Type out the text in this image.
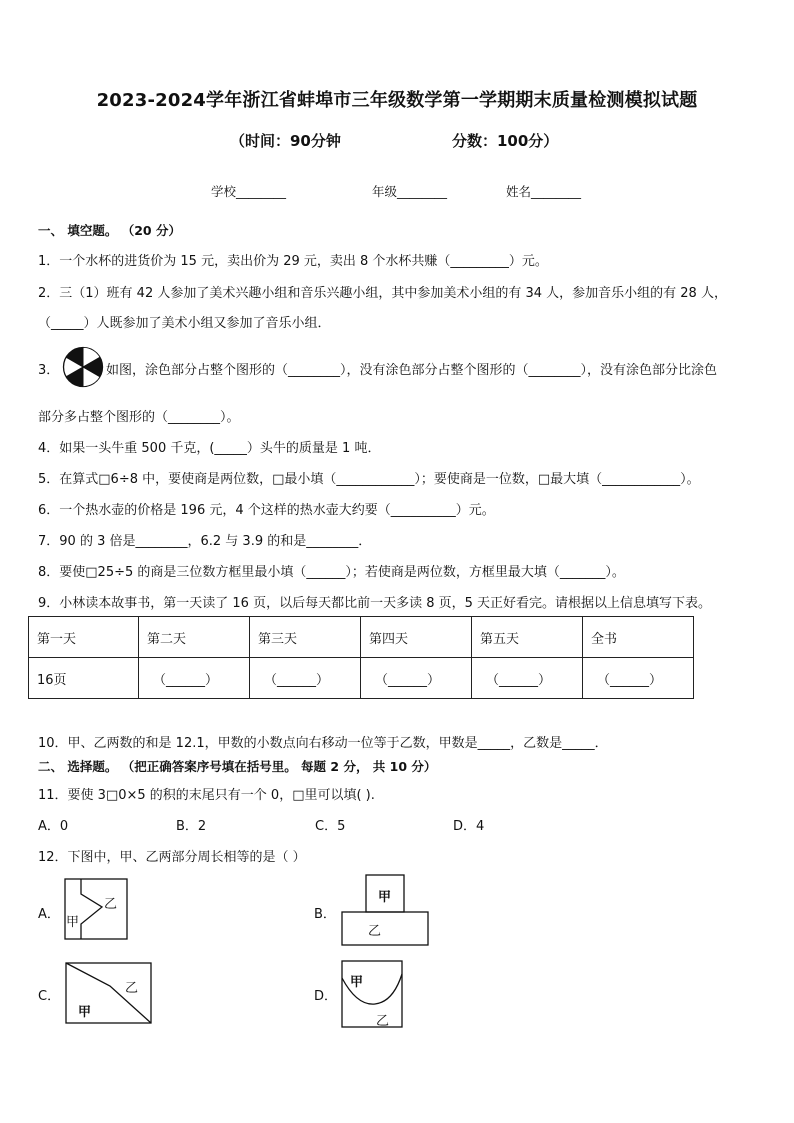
2023-2024学年浙江省蚌埠市三年级数学第一学期期末质量检测模拟试题
（时间：90分钟	分数：100分）
学校________	年级________	姓名________
一、 填空题。 （20 分）
1．一个水杯的进货价为 15 元，卖出价为 29 元，卖出 8 个水杯共赚（_________）元。
2．三（1）班有 42 人参加了美术兴趣小组和音乐兴趣小组，其中参加美术小组的有 34 人，参加音乐小组的有 28 人，
（_____）人既参加了美术小组又参加了音乐小组．
3．	如图，涂色部分占整个图形的（________），没有涂色部分占整个图形的（________），没有涂色部分比涂色
部分多占整个图形的（________）。
4．如果一头牛重 500 千克，(_____）头牛的质量是 1 吨．
5．在算式□6÷8 中，要使商是两位数，□最小填（____________）；要使商是一位数，□最大填（____________）。
6．一个热水壶的价格是 196 元，4 个这样的热水壶大约要（__________）元。
7．90 的 3 倍是________，6.2 与 3.9 的和是________．
8．要使□25÷5 的商是三位数方框里最小填（______）；若使商是两位数，方框里最大填（_______）。
9．小林读本故事书，第一天读了 16 页，以后每天都比前一天多读 8 页，5 天正好看完。请根据以上信息填写下表。
第一天	第二天	第三天	第四天	第五天	全书
16页	（______）	（______）	（______）	（______）	（______）
10．甲、乙两数的和是 12.1，甲数的小数点向右移动一位等于乙数，甲数是_____，乙数是_____．
二、 选择题。 （把正确答案序号填在括号里。 每题 2 分， 共 10 分）
11．要使 3□0×5 的积的末尾只有一个 0，□里可以填( ).
A．0	B．2	C．5	D．4
12．下图中，甲、乙两部分周长相等的是（ ）
A．
甲
乙
B．
甲
乙
C．
甲
乙
D．
甲
乙
